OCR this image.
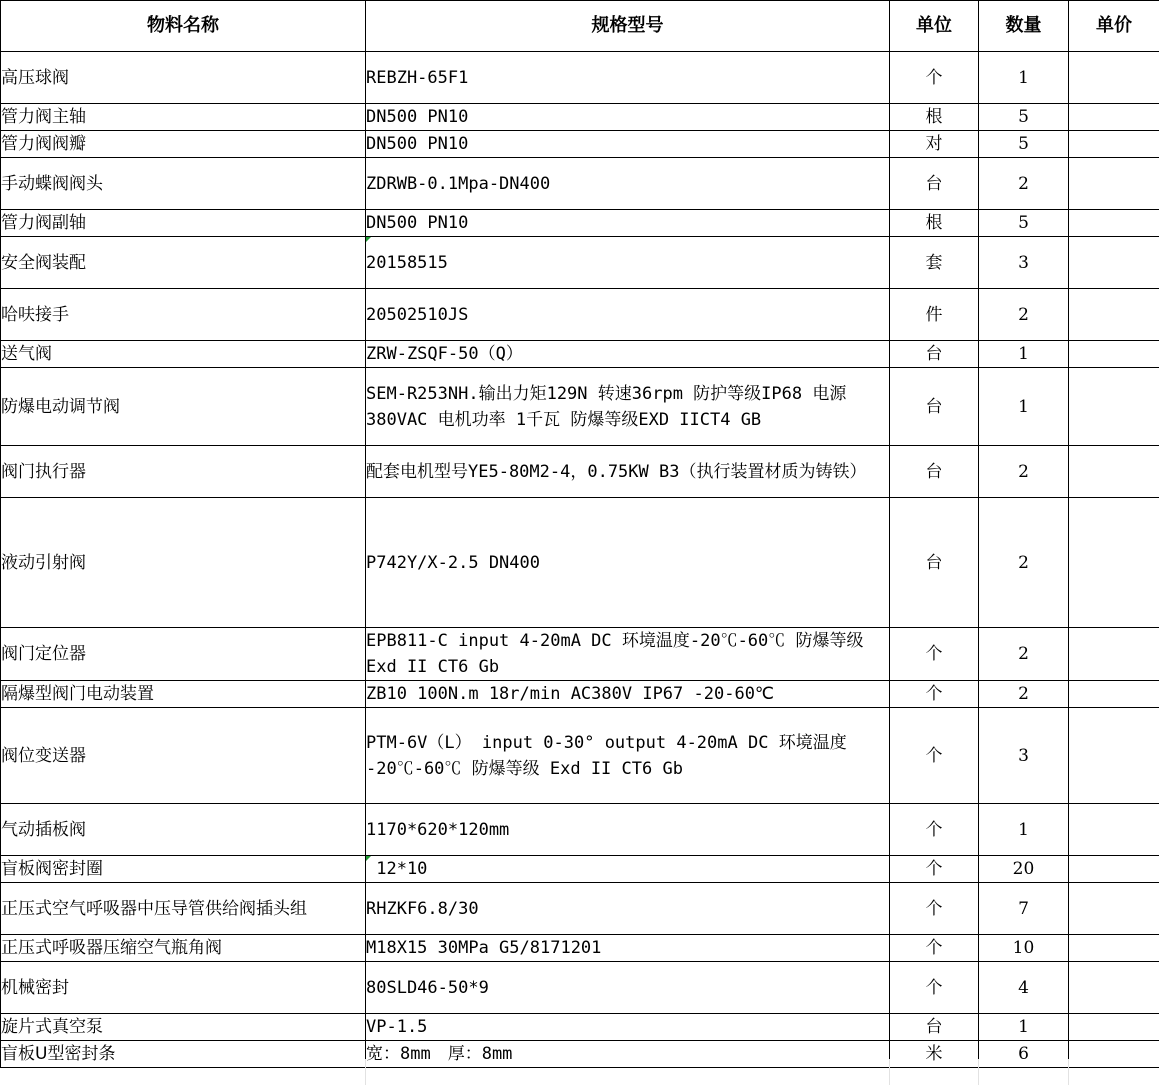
物料名称	规格型号	单位	数量	单价
高压球阀	REBZH-65F1	个	1	
管力阀主轴	DN500 PN10	根	5	
管力阀阀瓣	DN500 PN10	对	5	
手动蝶阀阀头	ZDRWB-0.1Mpa-DN400	台	2	
管力阀副轴	DN500 PN10	根	5	
安全阀装配	20158515	套	3	
哈呋接手	20502510JS	件	2	
送气阀	ZRW-ZSQF-50（Q）	台	1	
防爆电动调节阀	SEM-R253NH.输出力矩129N 转速36rpm 防护等级IP68 电源380VAC 电机功率 1千瓦 防爆等级EXD IICT4 GB	台	1	
阀门执行器	配套电机型号YE5-80M2-4，0.75KW B3（执行装置材质为铸铁）	台	2	
液动引射阀	P742Y/X-2.5 DN400	台	2	
阀门定位器	EPB811-C input 4-20mA DC 环境温度-20℃-60℃ 防爆等级Exd II CT6 Gb	个	2	
隔爆型阀门电动装置	ZB10 100N.m 18r/min AC380V IP67 -20-60℃	个	2	
阀位变送器	PTM-6V（L） input 0-30° output 4-20mA DC 环境温度 -20℃-60℃ 防爆等级 Exd II CT6 Gb	个	3	
气动插板阀	1170*620*120mm	个	1	
盲板阀密封圈	12*10	个	20	
正压式空气呼吸器中压导管供给阀插头组	RHZKF6.8/30	个	7	
正压式呼吸器压缩空气瓶角阀	M18X15 30MPa G5/8171201	个	10	
机械密封	80SLD46-50*9	个	4	
旋片式真空泵	VP-1.5	台	1	
盲板U型密封条	宽：8mm　厚：8mm	米	6	
